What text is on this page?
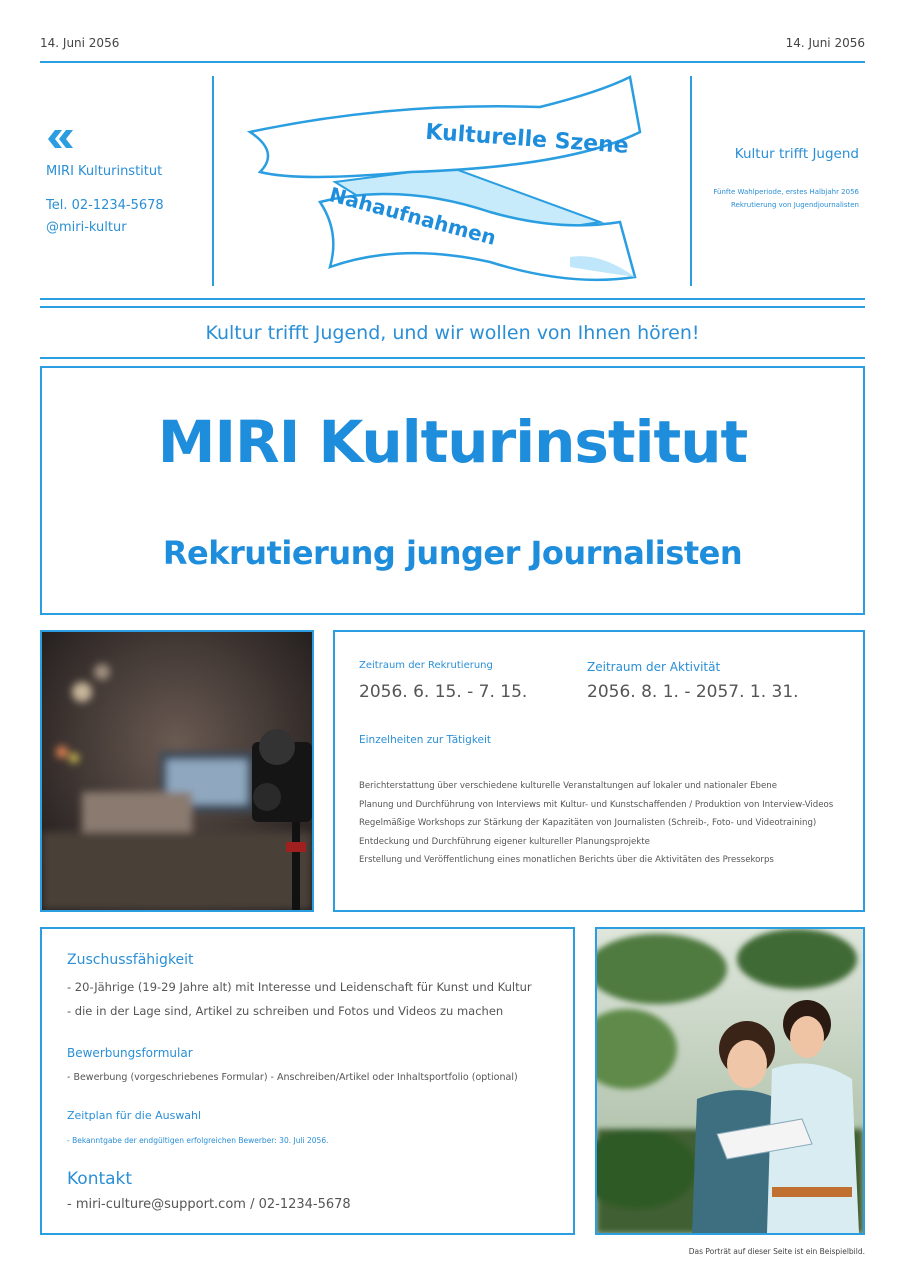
14. Juni 2056	14. Juni 2056
MIRI Kulturinstitut
Tel. 02-1234-5678
@miri-kultur
Kulturelle Szene
Nahaufnahmen
Kultur trifft Jugend
Fünfte Wahlperiode, erstes Halbjahr 2056
Rekrutierung von Jugendjournalisten
Kultur trifft Jugend, und wir wollen von Ihnen hören!
MIRI Kulturinstitut
Rekrutierung junger Journalisten
Zeitraum der Rekrutierung
2056. 6. 15. - 7. 15.
Zeitraum der Aktivität
2056. 8. 1. - 2057. 1. 31.
Einzelheiten zur Tätigkeit
Berichterstattung über verschiedene kulturelle Veranstaltungen auf lokaler und nationaler Ebene
Planung und Durchführung von Interviews mit Kultur- und Kunstschaffenden / Produktion von Interview-Videos
Regelmäßige Workshops zur Stärkung der Kapazitäten von Journalisten (Schreib-, Foto- und Videotraining)
Entdeckung und Durchführung eigener kultureller Planungsprojekte
Erstellung und Veröffentlichung eines monatlichen Berichts über die Aktivitäten des Pressekorps
Zuschussfähigkeit
- 20-Jährige (19-29 Jahre alt) mit Interesse und Leidenschaft für Kunst und Kultur
- die in der Lage sind, Artikel zu schreiben und Fotos und Videos zu machen
Bewerbungsformular
- Bewerbung (vorgeschriebenes Formular) - Anschreiben/Artikel oder Inhaltsportfolio (optional)
Zeitplan für die Auswahl
- Bekanntgabe der endgültigen erfolgreichen Bewerber: 30. Juli 2056.
Kontakt
- miri-culture@support.com / 02-1234-5678
Das Porträt auf dieser Seite ist ein Beispielbild.
